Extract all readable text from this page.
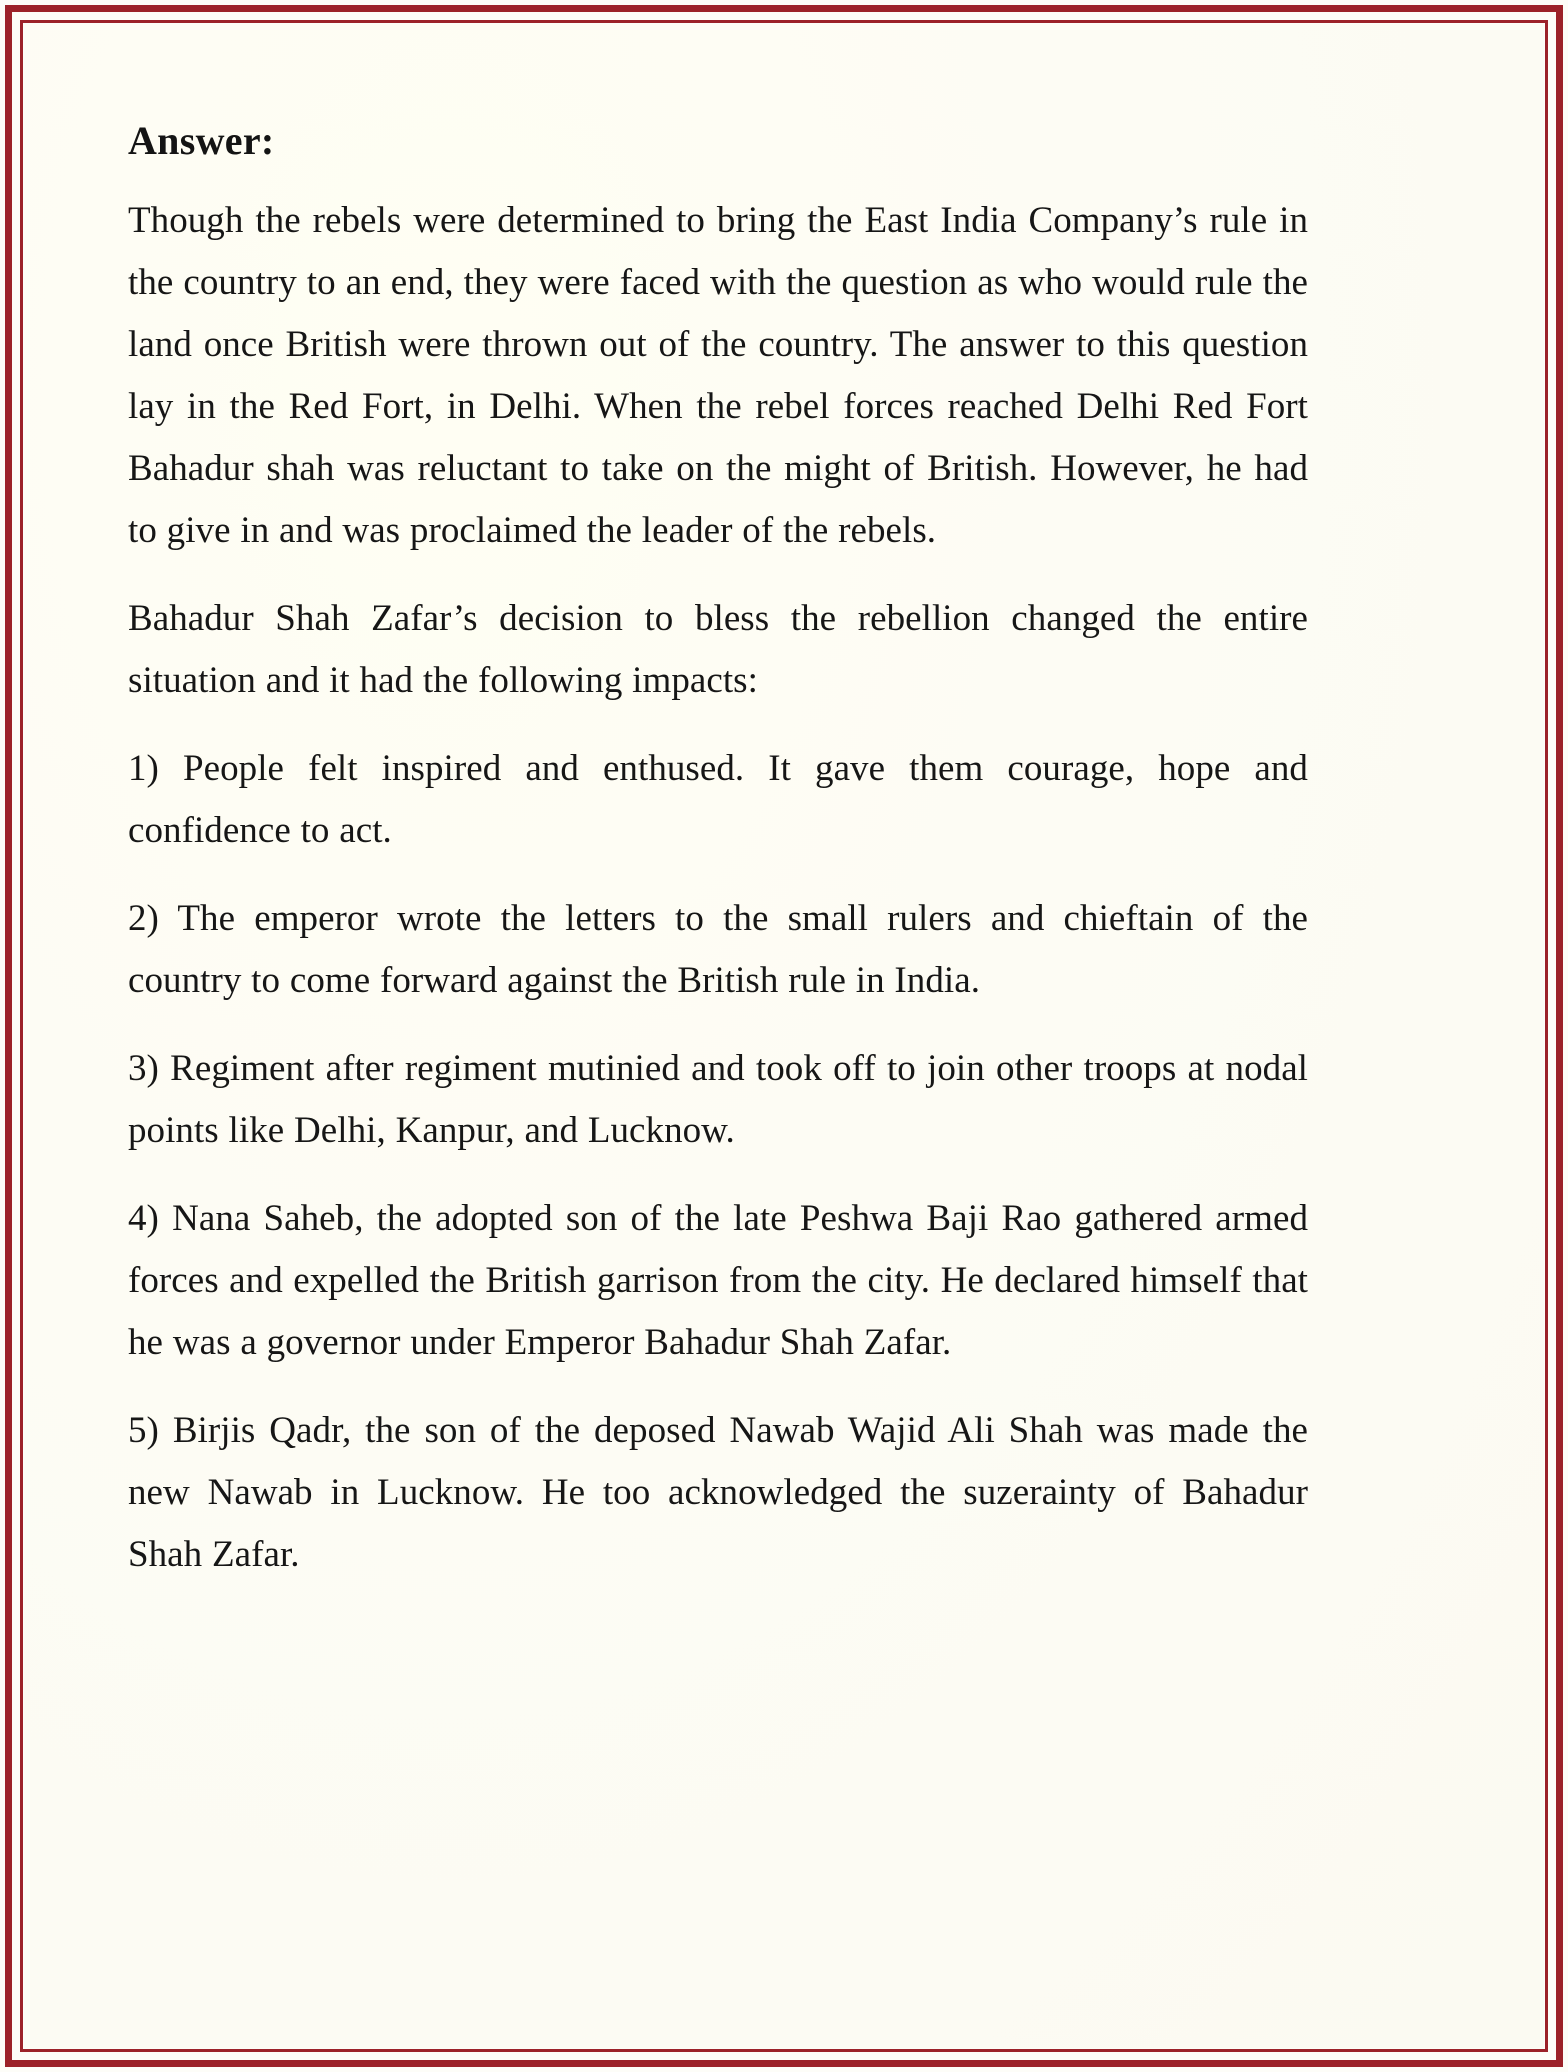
Answer:

Though the rebels were determined to bring the East India Company’s rule in the country to an end, they were faced with the question as who would rule the land once British were thrown out of the country. The answer to this question lay in the Red Fort, in Delhi. When the rebel forces reached Delhi Red Fort Bahadur shah was reluctant to take on the might of British. However, he had to give in and was proclaimed the leader of the rebels.

Bahadur Shah Zafar’s decision to bless the rebellion changed the entire situation and it had the following impacts:

1) People felt inspired and enthused. It gave them courage, hope and confidence to act.

2) The emperor wrote the letters to the small rulers and chieftain of the country to come forward against the British rule in India.

3) Regiment after regiment mutinied and took off to join other troops at nodal points like Delhi, Kanpur, and Lucknow.

4) Nana Saheb, the adopted son of the late Peshwa Baji Rao gathered armed forces and expelled the British garrison from the city. He declared himself that he was a governor under Emperor Bahadur Shah Zafar.

5) Birjis Qadr, the son of the deposed Nawab Wajid Ali Shah was made the new Nawab in Lucknow. He too acknowledged the suzerainty of Bahadur Shah Zafar.
